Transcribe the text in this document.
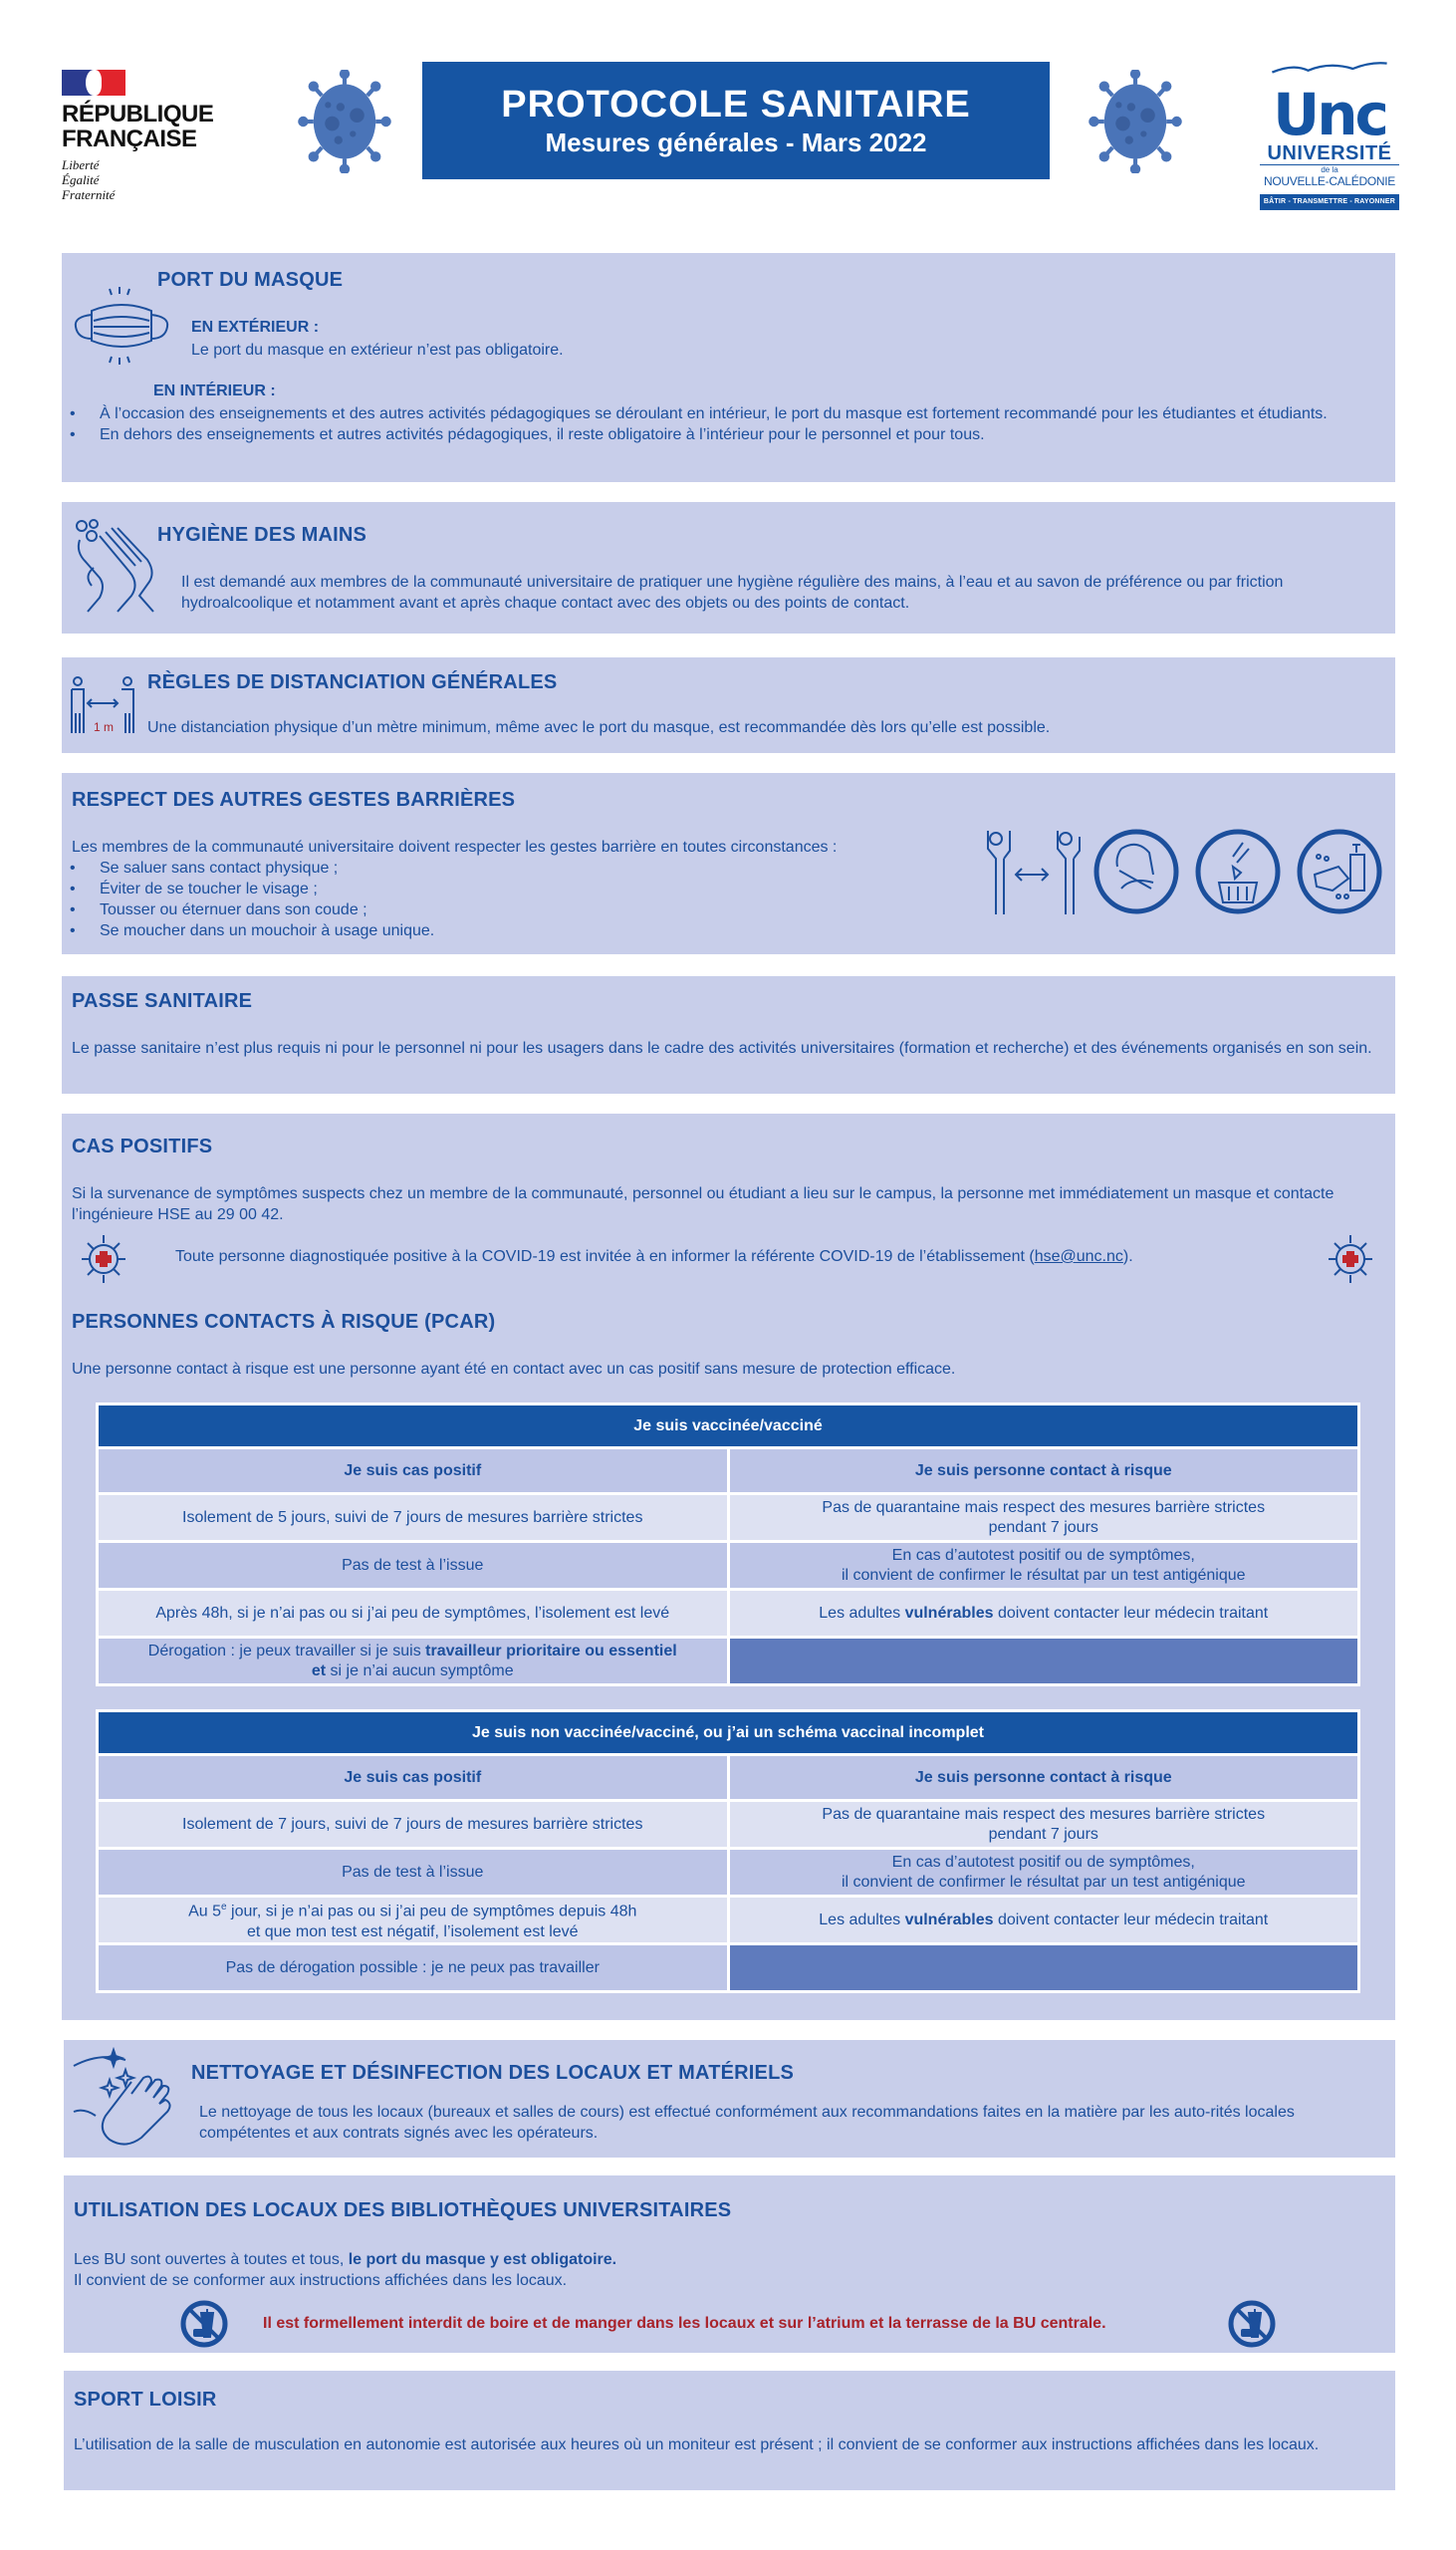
RÉPUBLIQUE
FRANÇAISE
Liberté
Égalité
Fraternité
PROTOCOLE SANITAIRE
Mesures générales - Mars 2022	Unc
UNIVERSITÉ
de la
NOUVELLE-CALÉDONIE
BÂTIR - TRANSMETTRE - RAYONNER
PORT DU MASQUE
EN EXTÉRIEUR :
Le port du masque en extérieur n’est pas obligatoire.
EN INTÉRIEUR :
• À l’occasion des enseignements et des autres activités pédagogiques se déroulant en intérieur, le port du masque est fortement recommandé pour les étudiantes et étudiants.
• En dehors des enseignements et autres activités pédagogiques, il reste obligatoire à l’intérieur pour le personnel et pour tous.
HYGIÈNE DES MAINS
Il est demandé aux membres de la communauté universitaire de pratiquer une hygiène régulière des mains, à l’eau et au savon de préférence ou par friction hydroalcoolique et notamment avant et après chaque contact avec des objets ou des points de contact.
1 m
RÈGLES DE DISTANCIATION GÉNÉRALES
Une distanciation physique d’un mètre minimum, même avec le port du masque, est recommandée dès lors qu’elle est possible.
RESPECT DES AUTRES GESTES BARRIÈRES
Les membres de la communauté universitaire doivent respecter les gestes barrière en toutes circonstances :
• Se saluer sans contact physique ;
• Éviter de se toucher le visage ;
• Tousser ou éternuer dans son coude ;
• Se moucher dans un mouchoir à usage unique.
PASSE SANITAIRE
Le passe sanitaire n’est plus requis ni pour le personnel ni pour les usagers dans le cadre des activités universitaires (formation et recherche) et des événements organisés en son sein.
CAS POSITIFS
Si la survenance de symptômes suspects chez un membre de la communauté, personnel ou étudiant a lieu sur le campus, la personne met immédiatement un masque et contacte l’ingénieure HSE au 29 00 42.
Toute personne diagnostiquée positive à la COVID-19 est invitée à en informer la référente COVID-19 de l’établissement (hse@unc.nc).
PERSONNES CONTACTS À RISQUE (PCAR)
Une personne contact à risque est une personne ayant été en contact avec un cas positif sans mesure de protection efficace.
Je suis vaccinée/vacciné	
Je suis cas positif	Je suis personne contact à risque
Isolement de 5 jours, suivi de 7 jours de mesures barrière strictes	Pas de quarantaine mais respect des mesures barrière strictes
pendant 7 jours
Pas de test à l’issue	En cas d’autotest positif ou de symptômes,
il convient de confirmer le résultat par un test antigénique
Après 48h, si je n’ai pas ou si j’ai peu de symptômes, l’isolement est levé	Les adultes vulnérables doivent contacter leur médecin traitant
Dérogation : je peux travailler si je suis travailleur prioritaire ou essentiel
et si je n’ai aucun symptôme	
Je suis non vaccinée/vacciné, ou j’ai un schéma vaccinal incomplet	
Je suis cas positif	Je suis personne contact à risque
Isolement de 7 jours, suivi de 7 jours de mesures barrière strictes	Pas de quarantaine mais respect des mesures barrière strictes
pendant 7 jours
Pas de test à l’issue	En cas d’autotest positif ou de symptômes,
il convient de confirmer le résultat par un test antigénique
Au 5e jour, si je n’ai pas ou si j’ai peu de symptômes depuis 48h
et que mon test est négatif, l’isolement est levé	Les adultes vulnérables doivent contacter leur médecin traitant
Pas de dérogation possible : je ne peux pas travailler	
NETTOYAGE ET DÉSINFECTION DES LOCAUX ET MATÉRIELS
Le nettoyage de tous les locaux (bureaux et salles de cours) est effectué conformément aux recommandations faites en la matière par les auto-rités locales compétentes et aux contrats signés avec les opérateurs.
UTILISATION DES LOCAUX DES BIBLIOTHÈQUES UNIVERSITAIRES
Les BU sont ouvertes à toutes et tous, le port du masque y est obligatoire.
Il convient de se conformer aux instructions affichées dans les locaux.
Il est formellement interdit de boire et de manger dans les locaux et sur l’atrium et la terrasse de la BU centrale.
SPORT LOISIR
L’utilisation de la salle de musculation en autonomie est autorisée aux heures où un moniteur est présent ; il convient de se conformer aux instructions affichées dans les locaux.
